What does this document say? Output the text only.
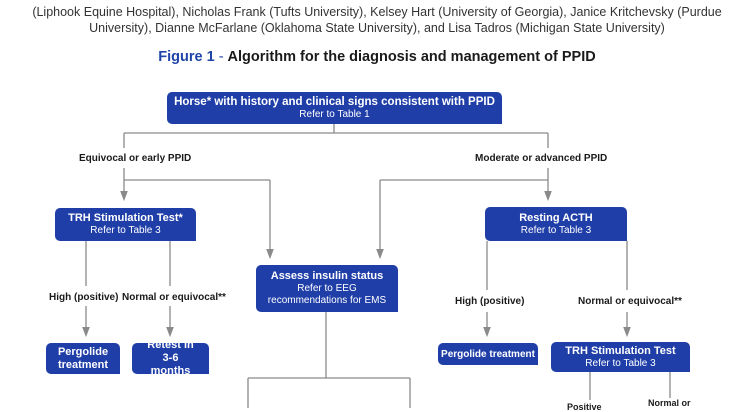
(Liphook Equine Hospital), Nicholas Frank (Tufts University), Kelsey Hart (University of Georgia), Janice Kritchevsky (Purdue
University), Dianne McFarlane (Oklahoma State University), and Lisa Tadros (Michigan State University)
Figure 1 - Algorithm for the diagnosis and management of PPID
Horse* with history and clinical signs consistent with PPID
Refer to Table 1
TRH Stimulation Test*
Refer to Table 3
Assess insulin status
Refer to EEG recommendations for EMS
Resting ACTH
Refer to Table 3
Pergolide treatment
Retest in 3-6 months
Pergolide treatment	TRH Stimulation Test
Refer to Table 3
Equivocal or early PPID	Moderate or advanced PPID
High (positive) Normal or equivocal**	High (positive)	Normal or equivocal**
Positive	Normal or
